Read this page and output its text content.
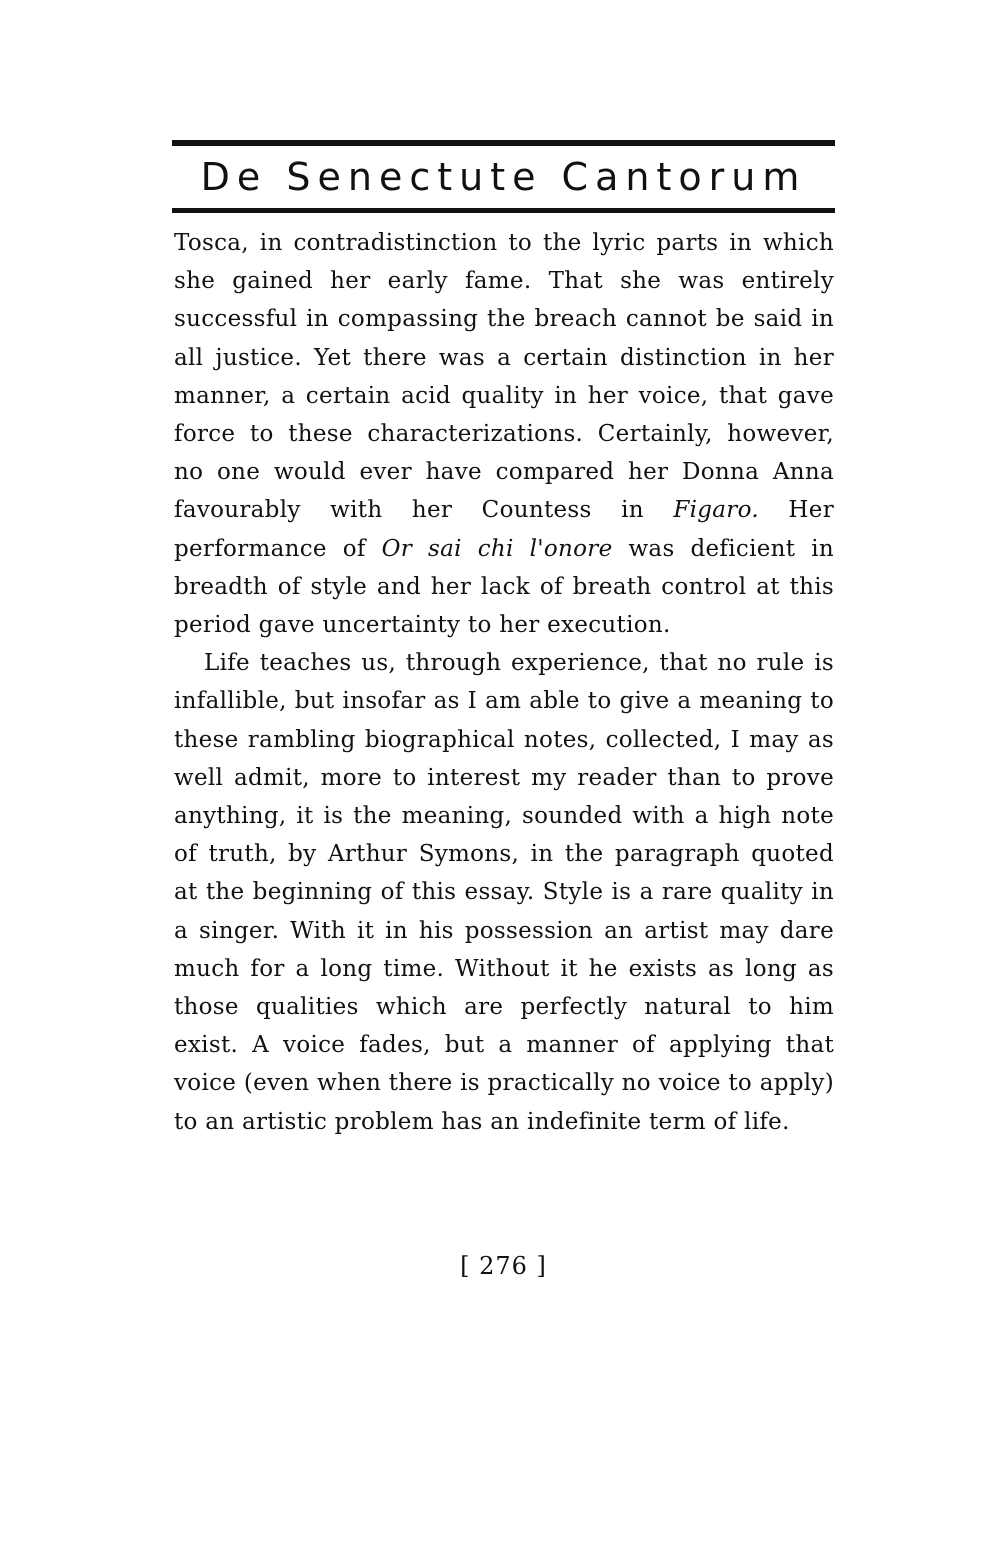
De Senectute Cantorum

Tosca, in contradistinction to the lyric parts in which she gained her early fame. That she was entirely successful in compassing the breach cannot be said in all justice. Yet there was a certain distinction in her manner, a certain acid quality in her voice, that gave force to these characterizations. Certainly, however, no one would ever have compared her Donna Anna favourably with her Countess in Figaro. Her performance of Or sai chi l'onore was deficient in breadth of style and her lack of breath control at this period gave uncertainty to her execution.

Life teaches us, through experience, that no rule is infallible, but insofar as I am able to give a meaning to these rambling biographical notes, collected, I may as well admit, more to interest my reader than to prove anything, it is the meaning, sounded with a high note of truth, by Arthur Symons, in the paragraph quoted at the beginning of this essay. Style is a rare quality in a singer. With it in his possession an artist may dare much for a long time. Without it he exists as long as those qualities which are perfectly natural to him exist. A voice fades, but a manner of applying that voice (even when there is practically no voice to apply) to an artistic problem has an indefinite term of life.

[ 276 ]
